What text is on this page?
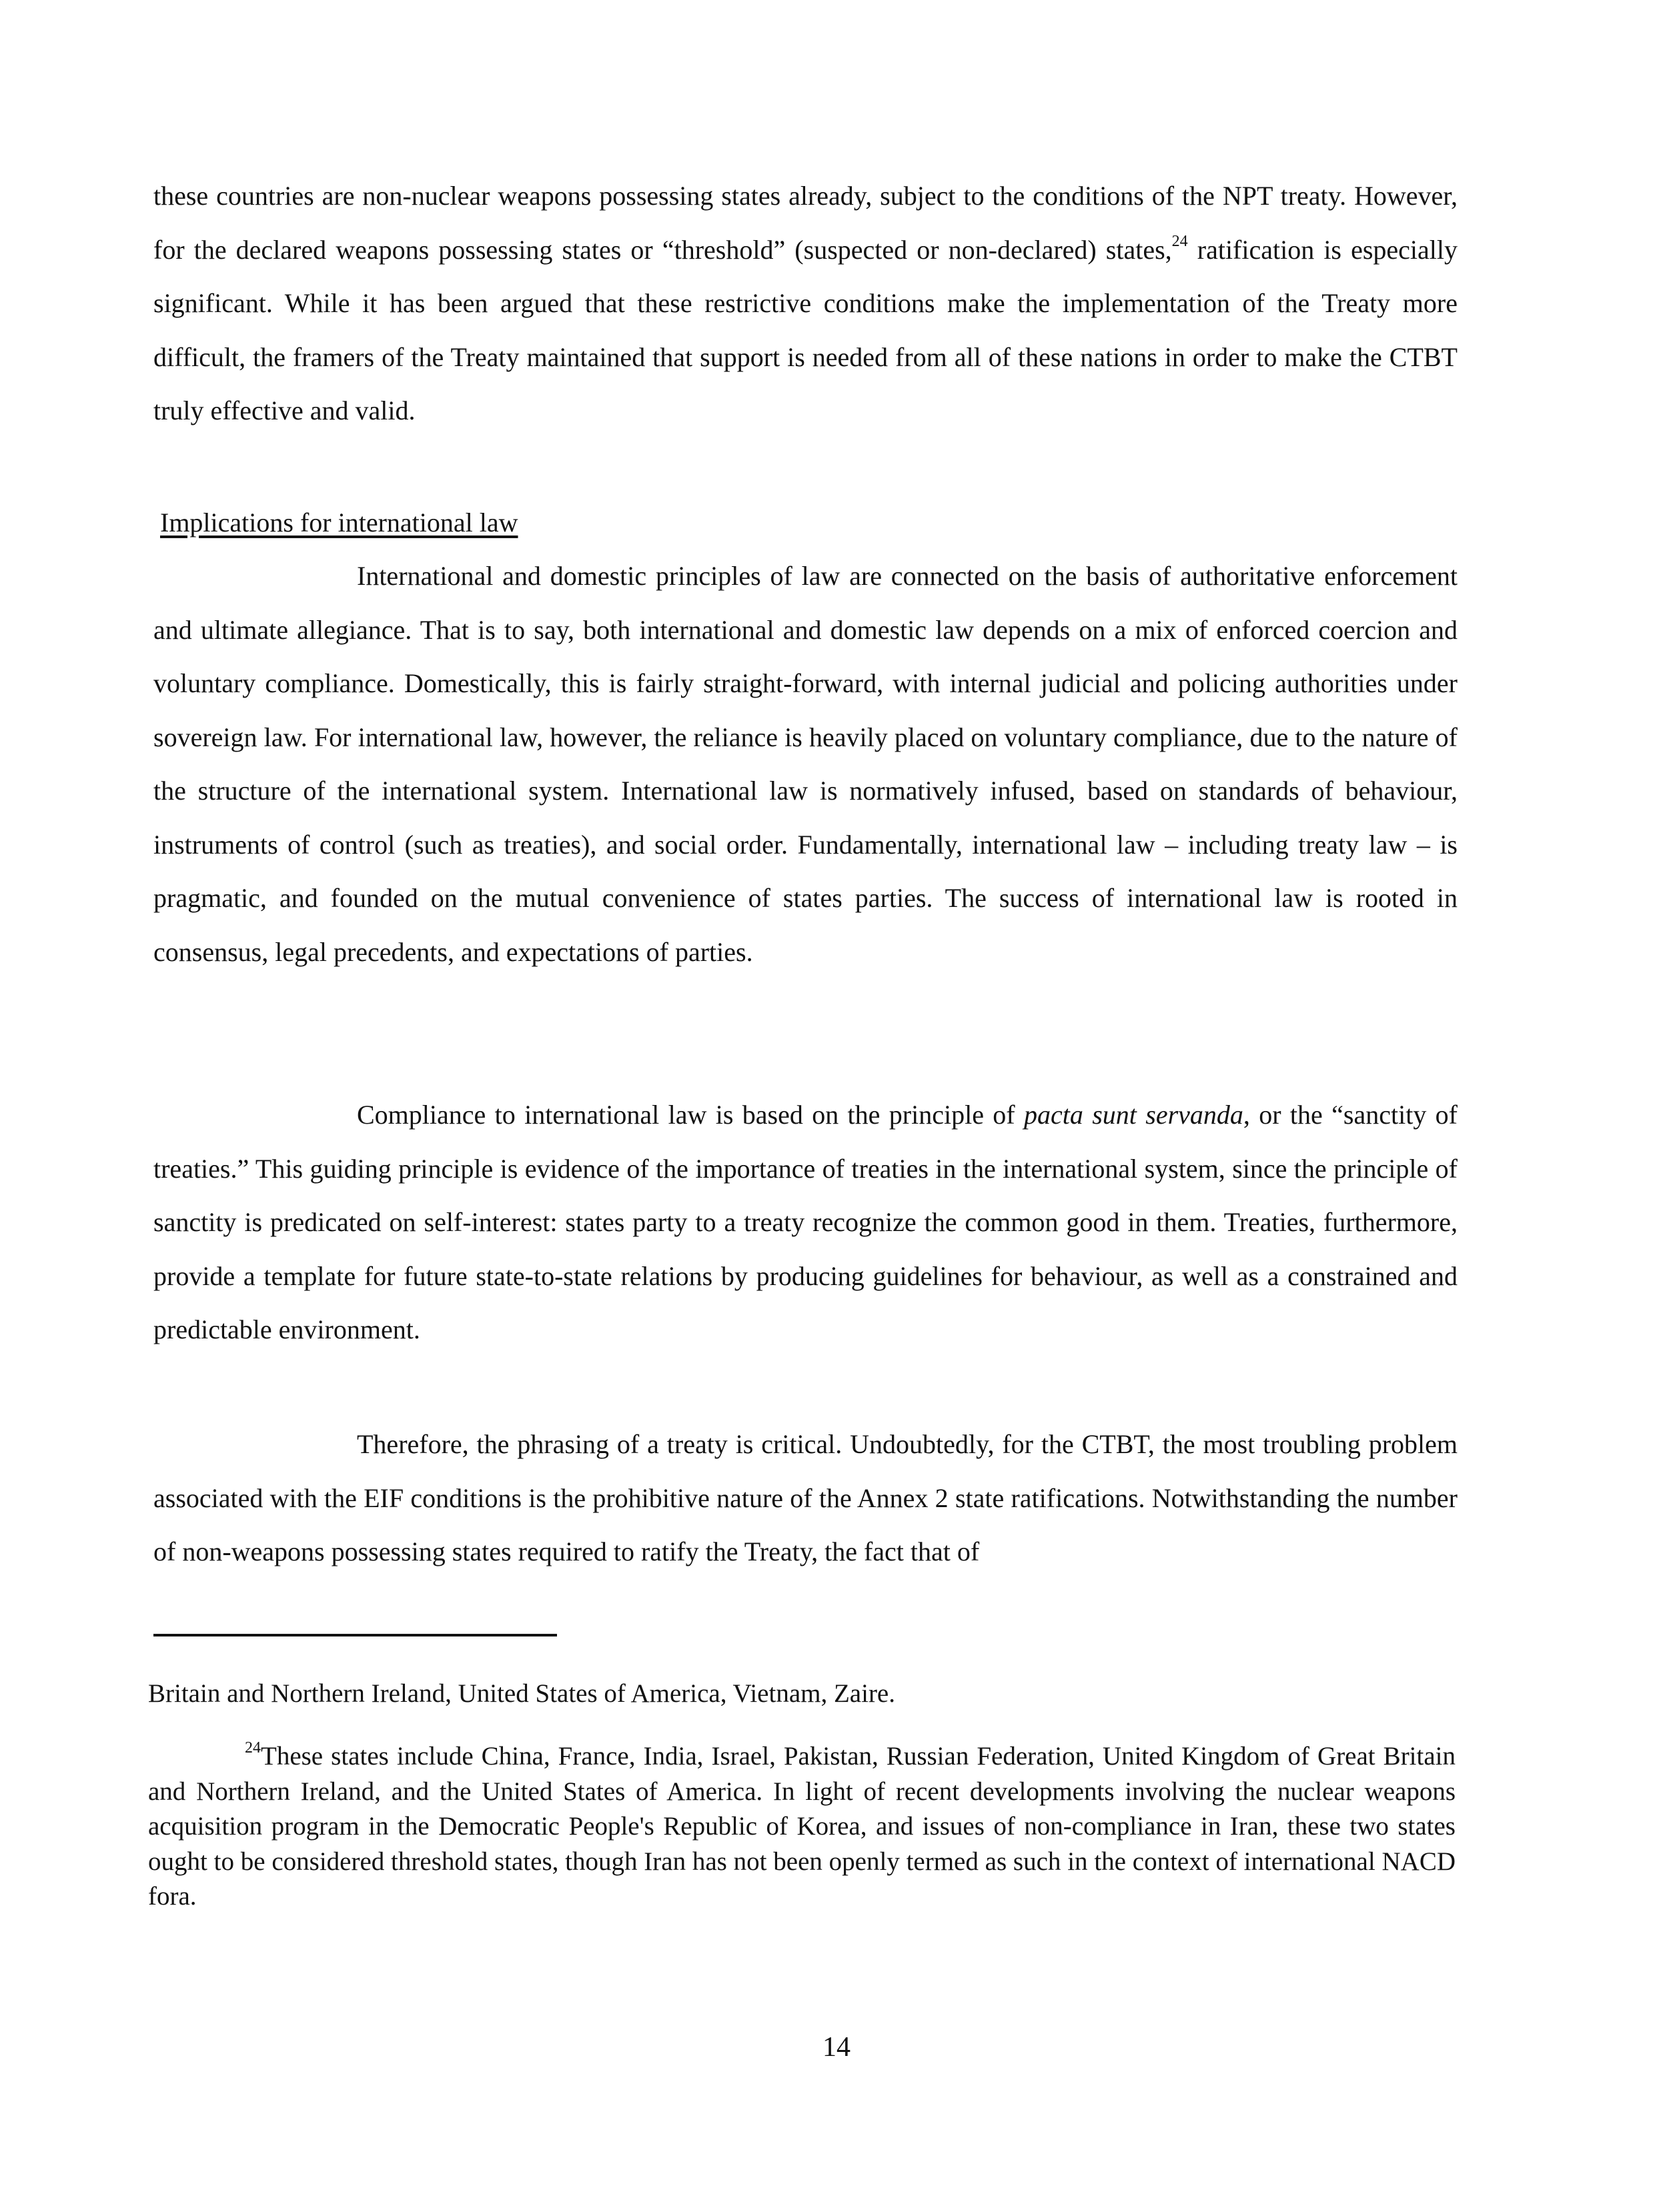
these countries are non-nuclear weapons possessing states already, subject to the conditions of the NPT treaty. However, for the declared weapons possessing states or “threshold” (suspected or non-declared) states,$^{24}$ ratification is especially significant. While it has been argued that these restrictive conditions make the implementation of the Treaty more difficult, the framers of the Treaty maintained that support is needed from all of these nations in order to make the CTBT truly effective and valid.

Implications for international law

International and domestic principles of law are connected on the basis of authoritative enforcement and ultimate allegiance. That is to say, both international and domestic law depends on a mix of enforced coercion and voluntary compliance. Domestically, this is fairly straight-forward, with internal judicial and policing authorities under sovereign law. For international law, however, the reliance is heavily placed on voluntary compliance, due to the nature of the structure of the international system. International law is normatively infused, based on standards of behaviour, instruments of control (such as treaties), and social order. Fundamentally, international law – including treaty law – is pragmatic, and founded on the mutual convenience of states parties. The success of international law is rooted in consensus, legal precedents, and expectations of parties.

Compliance to international law is based on the principle of pacta sunt servanda, or the “sanctity of treaties.” This guiding principle is evidence of the importance of treaties in the international system, since the principle of sanctity is predicated on self-interest: states party to a treaty recognize the common good in them. Treaties, furthermore, provide a template for future state-to-state relations by producing guidelines for behaviour, as well as a constrained and predictable environment.

Therefore, the phrasing of a treaty is critical. Undoubtedly, for the CTBT, the most troubling problem associated with the EIF conditions is the prohibitive nature of the Annex 2 state ratifications. Notwithstanding the number of non-weapons possessing states required to ratify the Treaty, the fact that of

Britain and Northern Ireland, United States of America, Vietnam, Zaire.

$^{24}$These states include China, France, India, Israel, Pakistan, Russian Federation, United Kingdom of Great Britain and Northern Ireland, and the United States of America. In light of recent developments involving the nuclear weapons acquisition program in the Democratic People's Republic of Korea, and issues of non-compliance in Iran, these two states ought to be considered threshold states, though Iran has not been openly termed as such in the context of international NACD fora.

14
